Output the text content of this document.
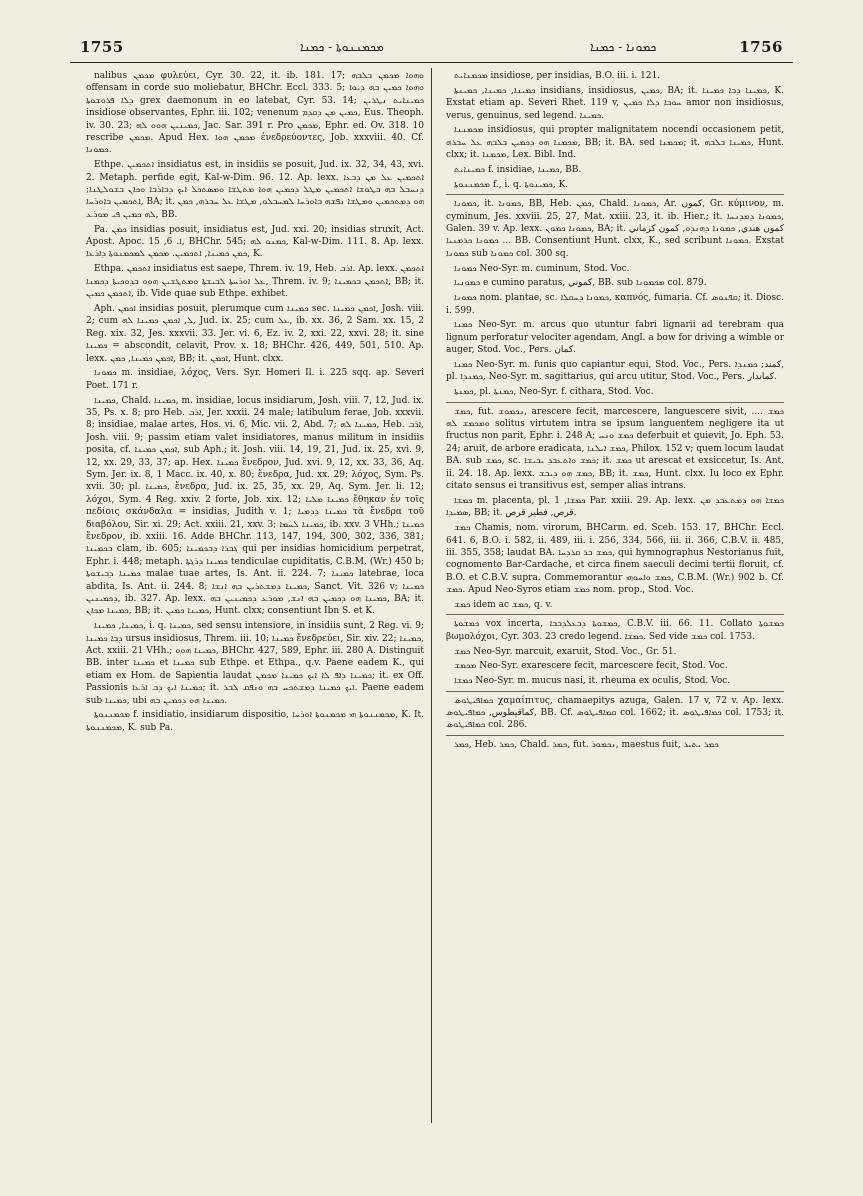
1755	ܡܟܡܢܢܘܬܐ - ܟܡܢܐ	ܟܡܘܢܐ - ܟܡܢܐ	1756

nalibus ܡܟܡܢ φυλεύει, Cyr. 30. 22, it. ib. 181. 17; ܘܗܘܐ ܡܟܡܢ ܒܠܒܗ offensam in corde suo moliebatur, BHChr. Eccl. 333. 5; ܘܗܘܐ ܟܡܝܢ ܒܗ ܕܝܘܐ ܕܠܐ ܦܪܘܫܘܬܐ grex daemonum in eo latebat, Cyr. 53. 14; ܟܡܝܢܐܝܬ ܢܛܪܝܢ insidiose observantes, Ephr. iii. 102; venenum ܟܡܝܢ ܡܢ ܕܩܕܡ, Eus. Theoph. iv. 30. 23; ܟܡܝܢܝܢ ܗܘܘ ܠܗ, Jac. Sar. 391 r. Pro ܡܟܡܢ, Ephr. ed. Ov. 318. 10 rescribe ܡܟܡܢ. Apud Hex. ܡܟܡܢ ܗܘܐ ἐνεδρεύοντες, Job. xxxviii. 40. Cf. ܟܡܘܢܐ.

Ethpe. ܐܬܟܡܝܢ insidiatus est, in insidiis se posuit, Jud. ix. 32, 34, 43, xvi. 2. Metaph. perfide egit, Kal-w-Dim. 96. 12. Ap. lexx. ܐܬܟܡܝܢ ܥܠ ܡܢ ܕܒܥܐ ܕܢܚܒܠ ܒܗ ܒܛܘܫܐ ܐܬܟܡܝܢ ܡܛܠ ܕܟܡܝܢ ܗܘܐ ܡܬܛܫܐ ܘܡܣܬܟܠ ܐܝܟ ܕܒܐܪܒܐ ܘܟܐܢ ܒܫܘܠܛܢܐ; ܐܬܟܡܝܢ ܒܐܘܪܚܐ, BA; it. ܗܘ ܕܡܬܟܡܝܢ ܘܡܛܫܐ ܢܦܫܗ ܒܐܘܪܚܐ ܠܡܚܒܠܘ, ܡܛܫܐ ܥܠ ܚܒܪܗ, ܟܡܢ ܠܗ ܟܡܝܢ ܦܝ ܡܘܪܥ, BB.

Pa. ܟܡܢ insidias posuit, insidiatus est, Jud. xxi. 20; insidias struxit, Act. Apost. Apoc. ܐ. 6, 15, BHChr. 545; ܟܡܢܘ ܠܗ, Kal-w-Dim. 111. 8. Ap. lexx. ܟܡܢ ܟܡܝܢܐ, ܐܬܟܡܝܢ. ܡܟܡܢ ܠܡܟܡܢܘܬܐ ܕܐܪܥܐ, K.

Ethpa. ܐܬܟܡܢ insidiatus est saepe, Threm. iv. 19, Heb. ܐܪܒ. Ap. lexx. ܐܬܟܡܢ ܥܠ ܐܘܪܚܬܐ ܠܒܝܫܬܐ ܘܡܬܛܫܝܢ ܗܘܘ ܒܕܘܟܝܬܐ ܕܟܡܢܐ, Threm. iv. 9; ܐܬܟܡܢ ܒܟܡܝܢܐ, BB; it. ܐܬܟܡܢ ܟܡܝܢ, ib. Vide quae sub Ethpe. exhibet.

Aph. ܐܟܡܢ insidias posuit, plerumque cum ܟܡܝܢܐ sec. ܐܟܡܢ ܟܡܝܢܐ, Josh. viii. 2; cum ܠ, ܐܟܡܢ ܟܡܝܢܐ ܠܗ, Jud. ix. 25; cum ܥܠ, ib. xx. 36, 2 Sam. xx. 15, 2 Reg. xix. 32, Jes. xxxvii. 33. Jer. vi. 6, Ez. iv. 2, xxi. 22, xxvi. 28; it. sine ܟܡܝܢܐ = abscondit, celavit, Prov. x. 18; BHChr. 426, 449, 501, 510. Ap. lexx. ܐܟܡܢ ܟܡܝܢܐ, ܟܡܢ, BB; it. ܐܟܡܢ, Hunt. clxx.

ܟܡܘܢܐ m. insidiae, λόχος, Vers. Syr. Homeri Il. i. 225 sqq. ap. Severi Poet. 171 r.

ܟܡܝܢܐ, Chald. ܟܡܝܢܐ, m. insidiae, locus insidiarum, Josh. viii. 7, 12, Jud. ix. 35, Ps. x. 8; pro Heb. ܐܪܒ, Jer. xxxii. 24 male; latibulum ferae, Job. xxxvii. 8; insidiae, malae artes, Hos. vi. 6, Mic. vii. 2, Abd. 7; ܟܡܝܢܐ ܠܗ, Heb. ܐܪܒ, Josh. viii. 9; passim etiam valet insidiatores, manus militum in insidiis posita, cf. ܐܟܡܢ ܟܡܝܢܐ, sub Aph.; it. Josh. viii. 14, 19, 21, Jud. ix. 25, xvi. 9, 12, xx. 29, 33, 37; ap. Hex. ܟܡܝܢܐ ἔνεδρον, Jud. xvi. 9, 12, xx. 33, 36, Aq. Sym. Jer. ix. 8, 1 Macc. ix. 40, x. 80; ἔνεδρα, Jud. xx. 29; λόχος, Sym. Ps. xvii. 30; pl. ܟܡܝܢܐ, ἔνεδρα, Jud. ix. 25, 35, xx. 29, Aq. Sym. Jer. li. 12; λόχοι, Sym. 4 Reg. xxiv. 2 forte, Job. xix. 12; ܟܡܝܢܐ ܡܠܝܐ ἔθηκαν ἐν τοῖς πεδίοις σκάνδαλα = insidias, Judith v. 1; ܟܡܝܢܐ ܕܕܡܝܐ τὰ ἔνεδρα τοῦ διαβόλου, Sir. xi. 29; Act. xxiii. 21, xxv. 3; ܟܡܝܢܐ ܠܚܡܐ, ib. xxv. 3 VHh.; ܟܡܝܢܐ ἔνεδρον, ib. xxiii. 16. Adde BHChr. 113, 147, 194, 300, 302, 336, 381; ܒܟܡܝܢܐ clam, ib. 605; ܓܒܪܐ ܕܒܟܡܝܢܐ qui per insidias homicidium perpetrat, Ephr. i. 448; metaph. ܟܡܝܢܐ ܕܪܓܬܐ tendiculae cupiditatis, C.B.M. (Wr.) 450 b; ܟܡܝܢܐ ܕܒܝܫܘܬܐ malae tuae artes, Is. Ant. ii. 224. 7; ܟܡܝܢܐ latebrae, loca abdita, Is. Ant. ii. 244. 8; ܟܡܝܢܐ ܕܡܫܬܪܝܢ ܒܗ ܐܢܫܐ, Sanct. Vit. 326 v; ܟܡܝܢܐ ܕܟܡܝܢܝܢ, ib. 327. Ap. lexx. ܟܡܝܢܐ ܗܘ ܕܟܡܝܢ ܒܗ ܐܢܫ, ܡܘܪܥ ܕܟܡܝܢܝܢ ܒܗ, BA; it. ܟܡܝܢܐ ܡܟܐܢ, BB; it. ܟܡܝܢܐ ܟܡܝܢ, Hunt. clxx; consentiunt Ibn S. et K.

ܟܡܝܢܐ, ܟܡܝܢܐ, i. q. ܟܡܝܢܐ, sed sensu intensiore, in insidiis sunt, 2 Reg. vi. 9; ܕܒܐ ܟܡܝܢܐ ursus insidiosus, Threm. iii. 10; ܟܡܝܢܐ ἔνεδρεύει, Sir. xiv. 22; ܟܡܝܢܐ, Act. xxiii. 21 VHh.; ܟܡܝܢܐ ܗܘܘ, BHChr. 427, 589, Ephr. iii. 280 A. Distinguit BB. inter ܟܡܝܢܐ et ܟܡܝܢܐ sub Ethpe. et Ethpa., q.v. Paene eadem K., qui etiam ex Hom. de Sapientia laudat ܟܡܝܢܐ ܕܐܦ ܠܐ ܐܝܟ ܟܡܝܢܐ ܡܟܡܢ; it. ex Off. Passionis ܟܡܝܢܐ ܐܝܟ ܕܒ ܐܪܥܐ; it. ܐܝܟ ܟܡܝܢܐ ܕܡܫܬܟܚ ܒܗ ܘܢܦܩ ܠܒܪ. Paene eadem sub ܟܡܝܢܐ, ubi ܟܡܝܢܐ ܗܘ ܕܟܡܝܢ ܒܗ.

ܡܟܡܢܢܘܬܐ f. insidiatio, insidiarum dispositio, ܡܟܡܢܢܘܬܐ ܗܝ ܡܟܡܢܘܬܐ ܐܘܪܚܐ, K. It. ܡܟܡܢܢܘܬܐ, K. sub Pa.

ܡܟܡܢܐܝܬ insidiose, per insidias, B.O. iii. i. 121.

ܟܡܝܢܐ, ܟܡܝܢܐ, ܟܡܝܢܬܐ insidians, insidiosus, ܟܡܝܢ, BA; it. ܟܡܝܢܐ ܕܒܐ ܟܡܝܢܐ, K. Exstat etiam ap. Severi Rhet. 119 v, ܚܘܒܐ ܕܠܐ ܟܡܝܢ amor non insidiosus, verus, genuinus, sed legend. ܟܡܝܢܐ.

ܡܟܡܢܢܐ insidiosus, qui propter malignitatem nocendi occasionem petit, ܡܟܡܢܐ ܗܘ ܕܟܡܝܢ ܒܠܒܗ ܥܠ ܚܒܪܗ, BB; it. BA. sed ܡܟܡܢܐ; it. ܟܡܝܢܐ ܒܠܒܗ, Hunt. clxx; it. ܡܟܡܢܐ, Lex. Bibl. Ind.

ܟܡܝܢܐܝܬ f. insidiae, ܟܡܝܢܐ, BB.

ܡܟܡܢܢܘܬܐ f., i. q. ܟܡܝܢܘܬܐ, K.

ܟܡܘܢܐ, it. ܟܡܘܢܐ, BB, Heb. ܟܡܢ, Chald. ܟܡܘܢܐ, Ar. كمون, Gr. κύμινον, m. cyminum, Jes. xxviii. 25, 27, Mat. xxiii. 23, it. ib. Hier.; it. ܟܡܘܢܐ ܕܡܕܢܚܐ, Galen. 39 v. Ap. lexx. ܟܡܘܢܐ ܟܡܘܢ, BA; it. كمون هندي, ܟܡܘܢܐ ܕܗܢܕܘ, كمون كرماني ܟܡܘܢܐ ܟܪܡܢܝܐ ... BB. Consentiunt Hunt. clxx, K., sed scribunt ܟܡܘܢܐ. Exstat ܟܡܘܢܐ sub ܟܡܘܢܐ col. 300 sq.

ܟܡܘܢܐ Neo-Syr. m. cuminum, Stod. Voc.

ܟܡܘܢܝܐ e cumino paratus, كموني, BB. sub ܡܟܡܘܢܐ col. 879.

ܟܡܘܢܐ nom. plantae, sc. ܟܡܘܢܐ ܕܚܩܠܐ, καπνός, fumaria. Cf. ܩܦܢܘܣ; it. Diosc. i. 599.

ܟܡܢܐ Neo-Syr. m. arcus quo utuntur fabri lignarii ad terebram qua lignum perforatur velociter agendam, Angl. a bow for driving a wimble or auger, Stod. Voc., Pers. كمان.

ܟܡܢܐ Neo-Syr. m. funis quo capiantur equi, Stod. Voc., Pers. كمند; ܟܡܢܕܐ, pl. ܟܡܢܕܐ, Neo-Syr. m. sagittarius, qui arcu utitur, Stod. Voc., Pers. كماندار.

ܟܡܢܬܐ, pl. ܟܡܢܬܐ, Neo-Syr. f. cithara, Stod. Voc.

ܟܡܫ, fut. ܢܟܡܘܫ, arescere fecit, marcescere, languescere sivit, .... ܟܡܫ ܘܡܟܡܫ ܠܗ solitus virtutem intra se ipsum languentem negligere ita ut fructus non parit, Ephr. i. 248 A; ܟܡܫ ܘܢܚ deferbuit et quievit, Jo. Eph. 53. 24; aruit, de arbore eradicata, ܟܡܫ ܐܝܠܢܐ, Philox. 152 v; quem locum laudat BA. sub ܟܡܫ, sc. ܟܡܫ ܘܐܬܥܒܕ ܝܒܝܫܐ; it. ܟܡܫ ut arescat et exsiccetur, Is. Ant. ii. 24. 18. Ap. lexx. ܟܡܫ ܗܘ ܕܝܒܫ, BB; it. ܟܡܫ, Hunt. clxx. Iu loco ex Ephr. citato sensus ei transitivus est, semper alias intrans.

ܟܡܫܐ m. placenta, pl. ܟܡܫܐ, 1 Par. xxiii. 29. Ap. lexx. ܟܡܫܐ ܗܘ ܕܡܬܥܒܕ ܡܢ ܣܡܝܕܐ, BB; it. قرص, فطير قرص.

ܟܡܫ Chamis, nom. virorum, BHCarm. ed. Sceb. 153. 17, BHChr. Eccl. 641. 6, B.O. i. 582, ii. 489, iii. i. 256, 334, 566, iii. ii. 366, C.B.V. ii. 485, iii. 355, 358; laudat BA. ܟܡܫ ܒܪ ܩܪܕܚܐ, qui hymnographus Nestorianus fuit, cognomento Bar-Cardache, et circa finem saeculi decimi tertii floruit, cf. B.O. et C.B.V. supra. Commemorantur ܟܡܫ ܘܐܚܘܗܝ, C.B.M. (Wr.) 902 b. Cf. ܟܡܫ. Apud Neo-Syros etiam ܟܡܫ nom. prop., Stod. Voc.

ܟܡܫ idem ac ܟܡܫ, q. v.

ܟܡܫܘܬܐ vox incerta, ܟܡܫܘܬܐ ܕܒܥܠܕܒܒܐ, C.B.V. iii. 66. 11. Collato ܟܡܫܘܬܐ βωμολόχοι, Cyr. 303. 23 credo legend. ܟܡܫܐ. Sed vide ܟܡܫ col. 1753.

ܟܡܫ Neo-Syr. marcuit, exaruit, Stod. Voc., Gr. 51.

ܡܟܡܫ Neo-Syr. exarescere fecit, marcescere fecit, Stod. Voc.

ܟܡܫܐ Neo-Syr. m. mucus nasi, it. rheuma ex oculis, Stod. Voc.

ܟܡܐܦܝܛܘܣ χαμαίπιτυς, chamaepitys azuga, Galen. 17 v, 72 v. Ap. lexx. كماقيطوس, ܟܡܐܦܝܛܘܣ, BB. Cf. ܩܡܐܦܝܛܘܣ col. 1662; it. ܟܡܐܦܝܛܘܣ col. 1753; it. ܟܡܐܦܝܛܘܣ col. 286.

ܟܡܪ, Heb. ܟܡܪ, Chald. ܟܡܪ, fut. ܢܟܡܘܪ, maestus fuit, ܟܡܪ ܝܬܝܪ
